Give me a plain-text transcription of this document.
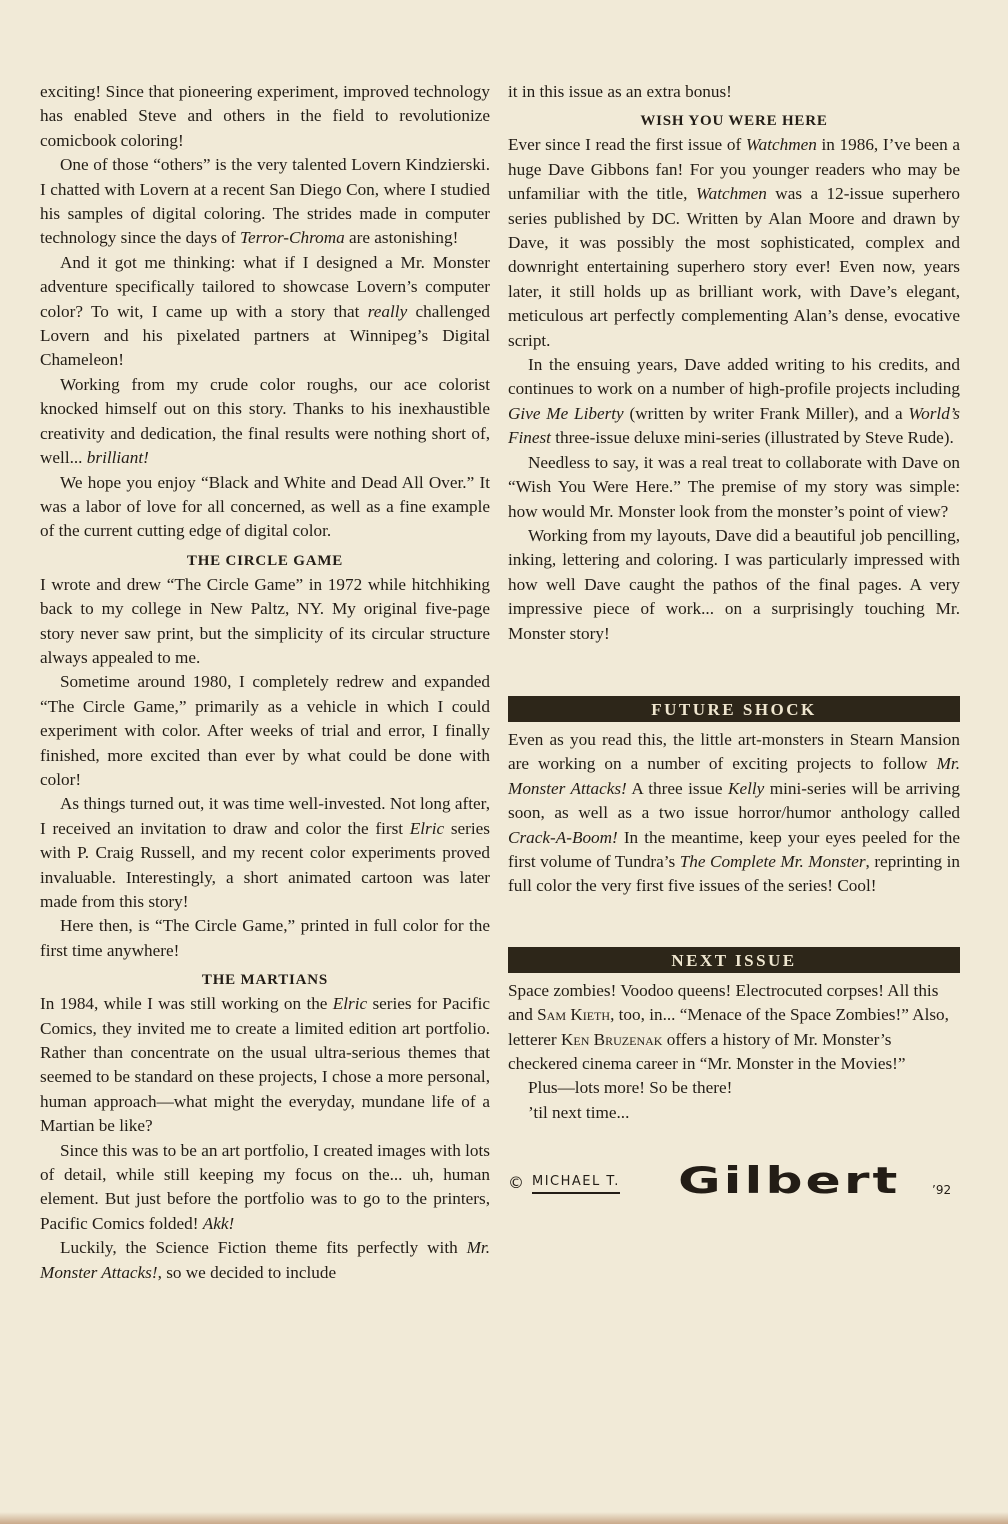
exciting! Since that pioneering experiment, improved technology has enabled Steve and others in the field to revolutionize comicbook coloring!

One of those “others” is the very talented Lovern Kindzierski. I chatted with Lovern at a recent San Diego Con, where I studied his samples of digital coloring. The strides made in computer technology since the days of Terror-Chroma are astonishing!

And it got me thinking: what if I designed a Mr. Monster adventure specifically tailored to showcase Lovern’s computer color? To wit, I came up with a story that really challenged Lovern and his pixelated partners at Winnipeg’s Digital Chameleon!

Working from my crude color roughs, our ace colorist knocked himself out on this story. Thanks to his inexhaustible creativity and dedication, the final results were nothing short of, well... brilliant!

We hope you enjoy “Black and White and Dead All Over.” It was a labor of love for all concerned, as well as a fine example of the current cutting edge of digital color.

THE CIRCLE GAME

I wrote and drew “The Circle Game” in 1972 while hitchhiking back to my college in New Paltz, NY. My original five-page story never saw print, but the simplicity of its circular structure always appealed to me.

Sometime around 1980, I completely redrew and expanded “The Circle Game,” primarily as a vehicle in which I could experiment with color. After weeks of trial and error, I finally finished, more excited than ever by what could be done with color!

As things turned out, it was time well-invested. Not long after, I received an invitation to draw and color the first Elric series with P. Craig Russell, and my recent color experiments proved invaluable. Interestingly, a short animated cartoon was later made from this story!

Here then, is “The Circle Game,” printed in full color for the first time anywhere!

THE MARTIANS

In 1984, while I was still working on the Elric series for Pacific Comics, they invited me to create a limited edition art portfolio. Rather than concentrate on the usual ultra-serious themes that seemed to be standard on these projects, I chose a more personal, human approach—what might the everyday, mundane life of a Martian be like?

Since this was to be an art portfolio, I created images with lots of detail, while still keeping my focus on the... uh, human element. But just before the portfolio was to go to the printers, Pacific Comics folded! Akk!

Luckily, the Science Fiction theme fits perfectly with Mr. Monster Attacks!, so we decided to include

it in this issue as an extra bonus!

WISH YOU WERE HERE

Ever since I read the first issue of Watchmen in 1986, I’ve been a huge Dave Gibbons fan! For you younger readers who may be unfamiliar with the title, Watchmen was a 12-issue superhero series published by DC. Written by Alan Moore and drawn by Dave, it was possibly the most sophisticated, complex and downright entertaining superhero story ever! Even now, years later, it still holds up as brilliant work, with Dave’s elegant, meticulous art perfectly complementing Alan’s dense, evocative script.

In the ensuing years, Dave added writing to his credits, and continues to work on a number of high-profile projects including Give Me Liberty (written by writer Frank Miller), and a World’s Finest three-issue deluxe mini-series (illustrated by Steve Rude).

Needless to say, it was a real treat to collaborate with Dave on “Wish You Were Here.” The premise of my story was simple: how would Mr. Monster look from the monster’s point of view?

Working from my layouts, Dave did a beautiful job pencilling, inking, lettering and coloring. I was particularly impressed with how well Dave caught the pathos of the final pages. A very impressive piece of work... on a surprisingly touching Mr. Monster story!

FUTURE SHOCK

Even as you read this, the little art-monsters in Stearn Mansion are working on a number of exciting projects to follow Mr. Monster Attacks! A three issue Kelly mini-series will be arriving soon, as well as a two issue horror/humor anthology called Crack-A-Boom! In the meantime, keep your eyes peeled for the first volume of Tundra’s The Complete Mr. Monster, reprinting in full color the very first five issues of the series! Cool!

NEXT ISSUE

Space zombies! Voodoo queens! Electrocuted corpses! All this and Sam Kieth, too, in... “Menace of the Space Zombies!” Also, letterer Ken Bruzenak offers a history of Mr. Monster’s checkered cinema career in “Mr. Monster in the Movies!”

Plus—lots more! So be there!

’til next time...

© MICHAEL T. Gilbert	’92
